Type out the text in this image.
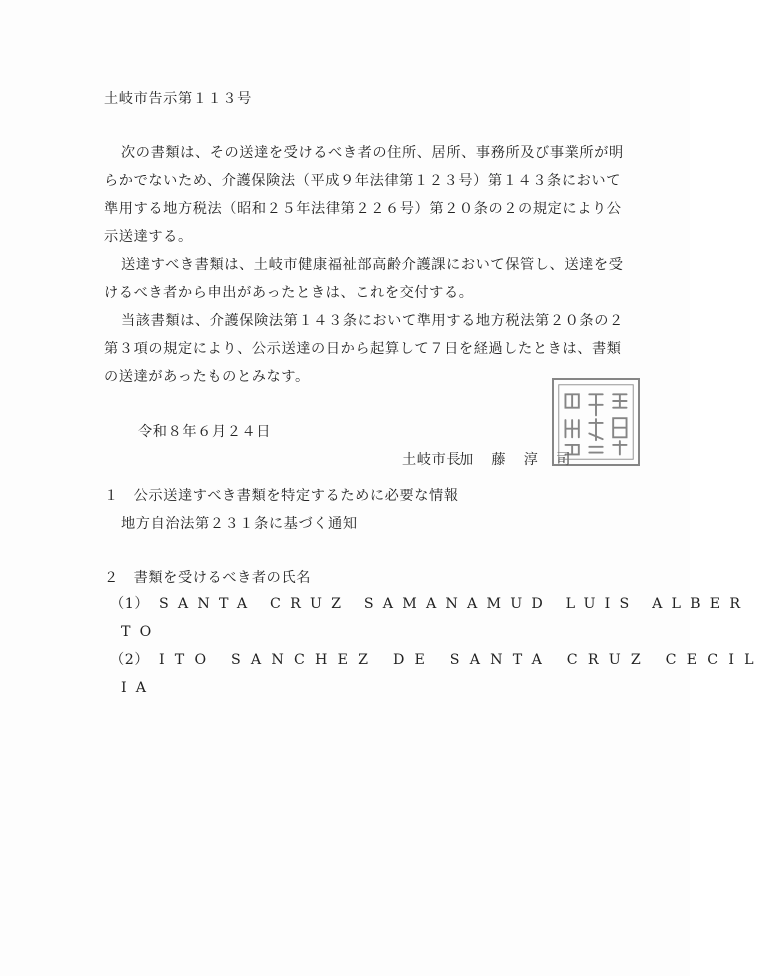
土岐市告示第１１３号
次の書類は、その送達を受けるべき者の住所、居所、事務所及び事業所が明
らかでないため、介護保険法（平成９年法律第１２３号）第１４３条において
準用する地方税法（昭和２５年法律第２２６号）第２０条の２の規定により公
示送達する。
送達すべき書類は、土岐市健康福祉部高齢介護課において保管し、送達を受
けるべき者から申出があったときは、これを交付する。
当該書類は、介護保険法第１４３条において準用する地方税法第２０条の２
第３項の規定により、公示送達の日から起算して７日を経過したときは、書類
の送達があったものとみなす。
令和８年６月２４日
土岐市長
加　藤　淳　司
１　公示送達すべき書類を特定するために必要な情報
地方自治法第２３１条に基づく通知
２　書類を受けるべき者の氏名
（1） SANTA CRUZ SAMANAMUD LUIS ALBER
TO
（2） ITO SANCHEZ DE SANTA CRUZ CECIL
IA
